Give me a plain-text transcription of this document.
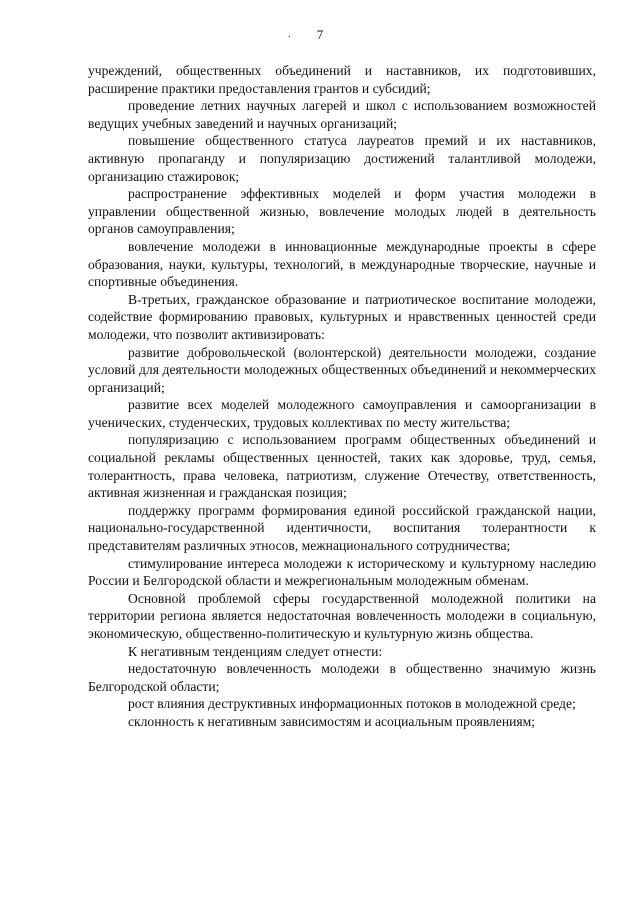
.	7

учреждений, общественных объединений и наставников, их подготовивших, расширение практики предоставления грантов и субсидий;

проведение летних научных лагерей и школ с использованием возможностей ведущих учебных заведений и научных организаций;

повышение общественного статуса лауреатов премий и их наставников, активную пропаганду и популяризацию достижений талантливой молодежи, организацию стажировок;

распространение эффективных моделей и форм участия молодежи в управлении общественной жизнью, вовлечение молодых людей в деятельность органов самоуправления;

вовлечение молодежи в инновационные международные проекты в сфере образования, науки, культуры, технологий, в международные творческие, научные и спортивные объединения.

В-третьих, гражданское образование и патриотическое воспитание молодежи, содействие формированию правовых, культурных и нравственных ценностей среди молодежи, что позволит активизировать:

развитие добровольческой (волонтерской) деятельности молодежи, создание условий для деятельности молодежных общественных объединений и некоммерческих организаций;

развитие всех моделей молодежного самоуправления и самоорганизации в ученических, студенческих, трудовых коллективах по месту жительства;

популяризацию с использованием программ общественных объединений и социальной рекламы общественных ценностей, таких как здоровье, труд, семья, толерантность, права человека, патриотизм, служение Отечеству, ответственность, активная жизненная и гражданская позиция;

поддержку программ формирования единой российской гражданской нации, национально-государственной идентичности, воспитания толерантности к представителям различных этносов, межнационального сотрудничества;

стимулирование интереса молодежи к историческому и культурному наследию России и Белгородской области и межрегиональным молодежным обменам.

Основной проблемой сферы государственной молодежной политики на территории региона является недостаточная вовлеченность молодежи в социальную, экономическую, общественно-политическую и культурную жизнь общества.

К негативным тенденциям следует отнести:

недостаточную вовлеченность молодежи в общественно значимую жизнь Белгородской области;

рост влияния деструктивных информационных потоков в молодежной среде;

склонность к негативным зависимостям и асоциальным проявлениям;
